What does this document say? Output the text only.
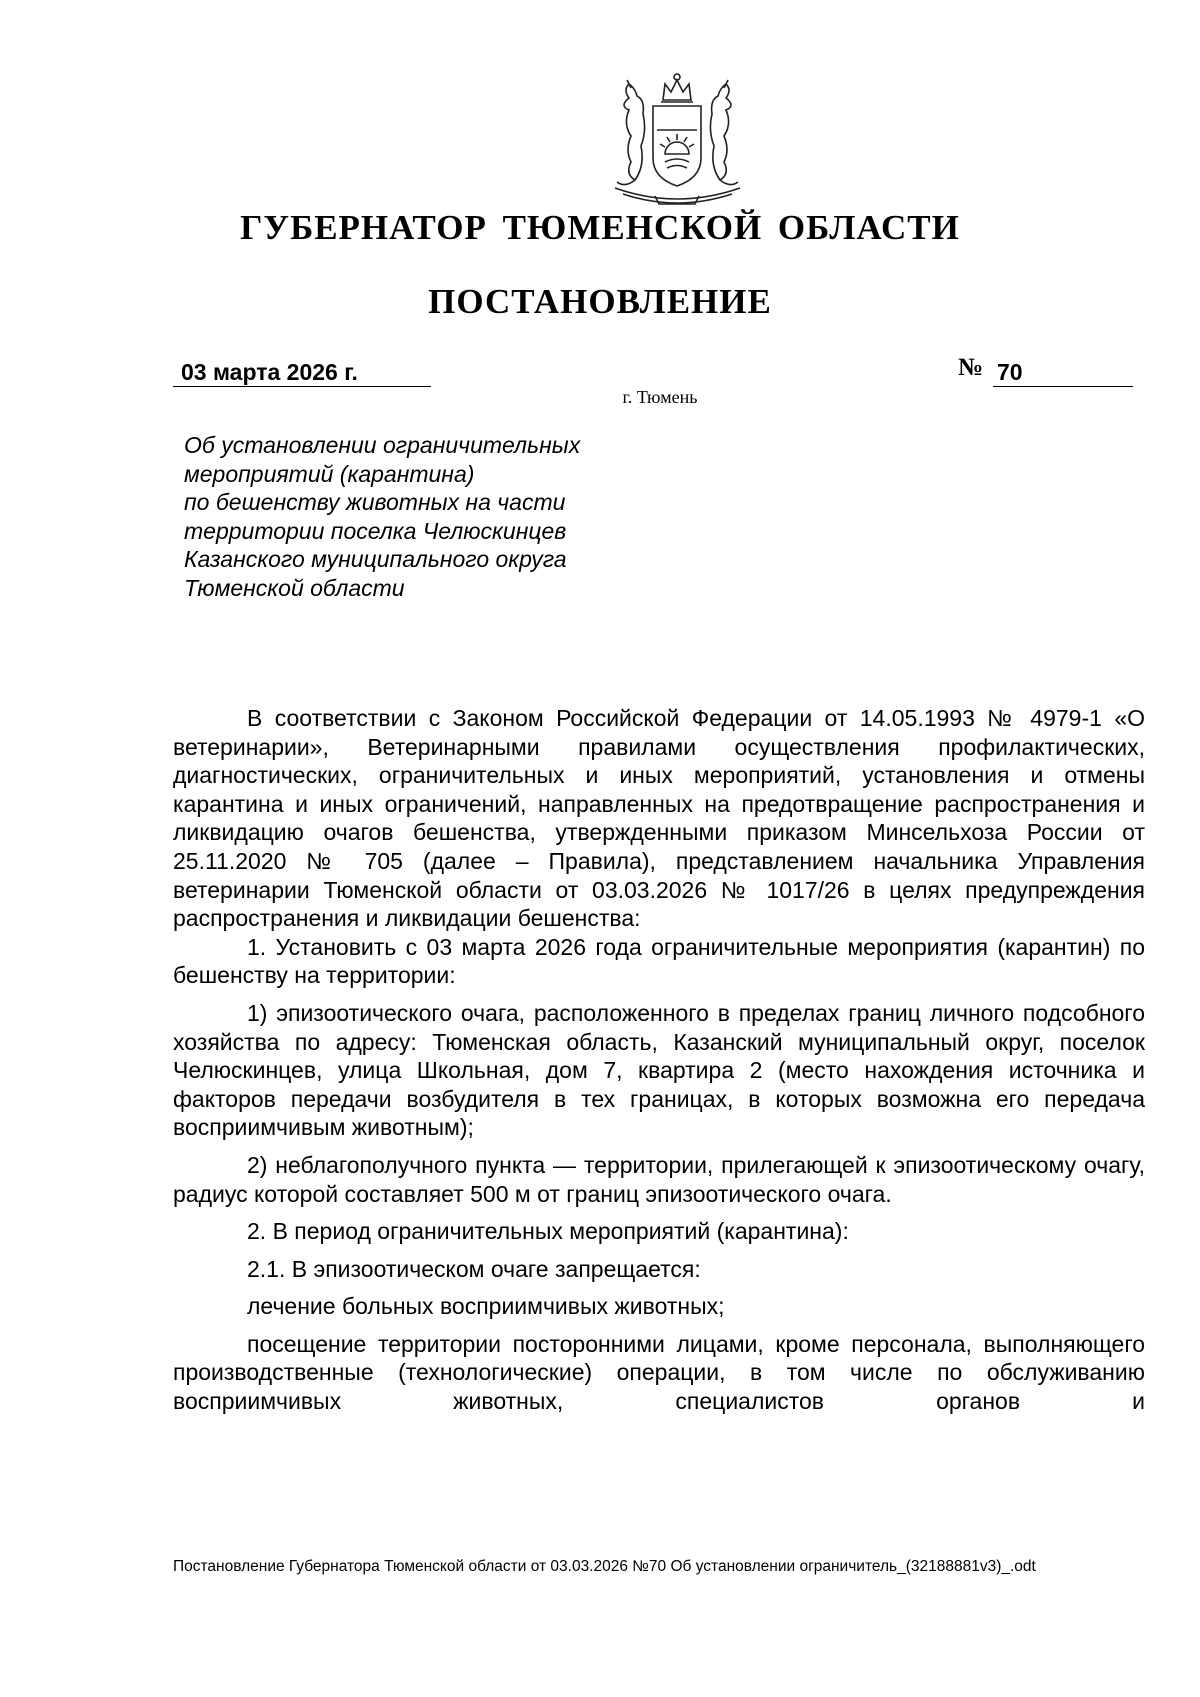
ГУБЕРНАТОР ТЮМЕНСКОЙ ОБЛАСТИ
ПОСТАНОВЛЕНИЕ
03 марта 2026 г.	№ 70
г. Тюмень
Об установлении ограничительных
мероприятий (карантина)
по бешенству животных на части
территории поселка Челюскинцев
Казанского муниципального округа
Тюменской области

В соответствии с Законом Российской Федерации от 14.05.1993 № 4979-1 «О ветеринарии», Ветеринарными правилами осуществления профилактических, диагностических, ограничительных и иных мероприятий, установления и отмены карантина и иных ограничений, направленных на предотвращение распространения и ликвидацию очагов бешенства, утвержденными приказом Минсельхоза России от 25.11.2020 № 705 (далее – Правила), представлением начальника Управления ветеринарии Тюменской области от 03.03.2026 № 1017/26 в целях предупреждения распространения и ликвидации бешенства:

1. Установить с 03 марта 2026 года ограничительные мероприятия (карантин) по бешенству на территории:

1) эпизоотического очага, расположенного в пределах границ личного подсобного хозяйства по адресу: Тюменская область, Казанский муниципальный округ, поселок Челюскинцев, улица Школьная, дом 7, квартира 2 (место нахождения источника и факторов передачи возбудителя в тех границах, в которых возможна его передача восприимчивым животным);

2) неблагополучного пункта — территории, прилегающей к эпизоотическому очагу, радиус которой составляет 500 м от границ эпизоотического очага.

2. В период ограничительных мероприятий (карантина):

2.1. В эпизоотическом очаге запрещается:

лечение больных восприимчивых животных;

посещение территории посторонними лицами, кроме персонала, выполняющего производственные (технологические) операции, в том числе по обслуживанию восприимчивых животных, специалистов органов и

Постановление Губернатора Тюменской области от 03.03.2026 №70 Об установлении ограничитель_(32188881v3)_.odt
